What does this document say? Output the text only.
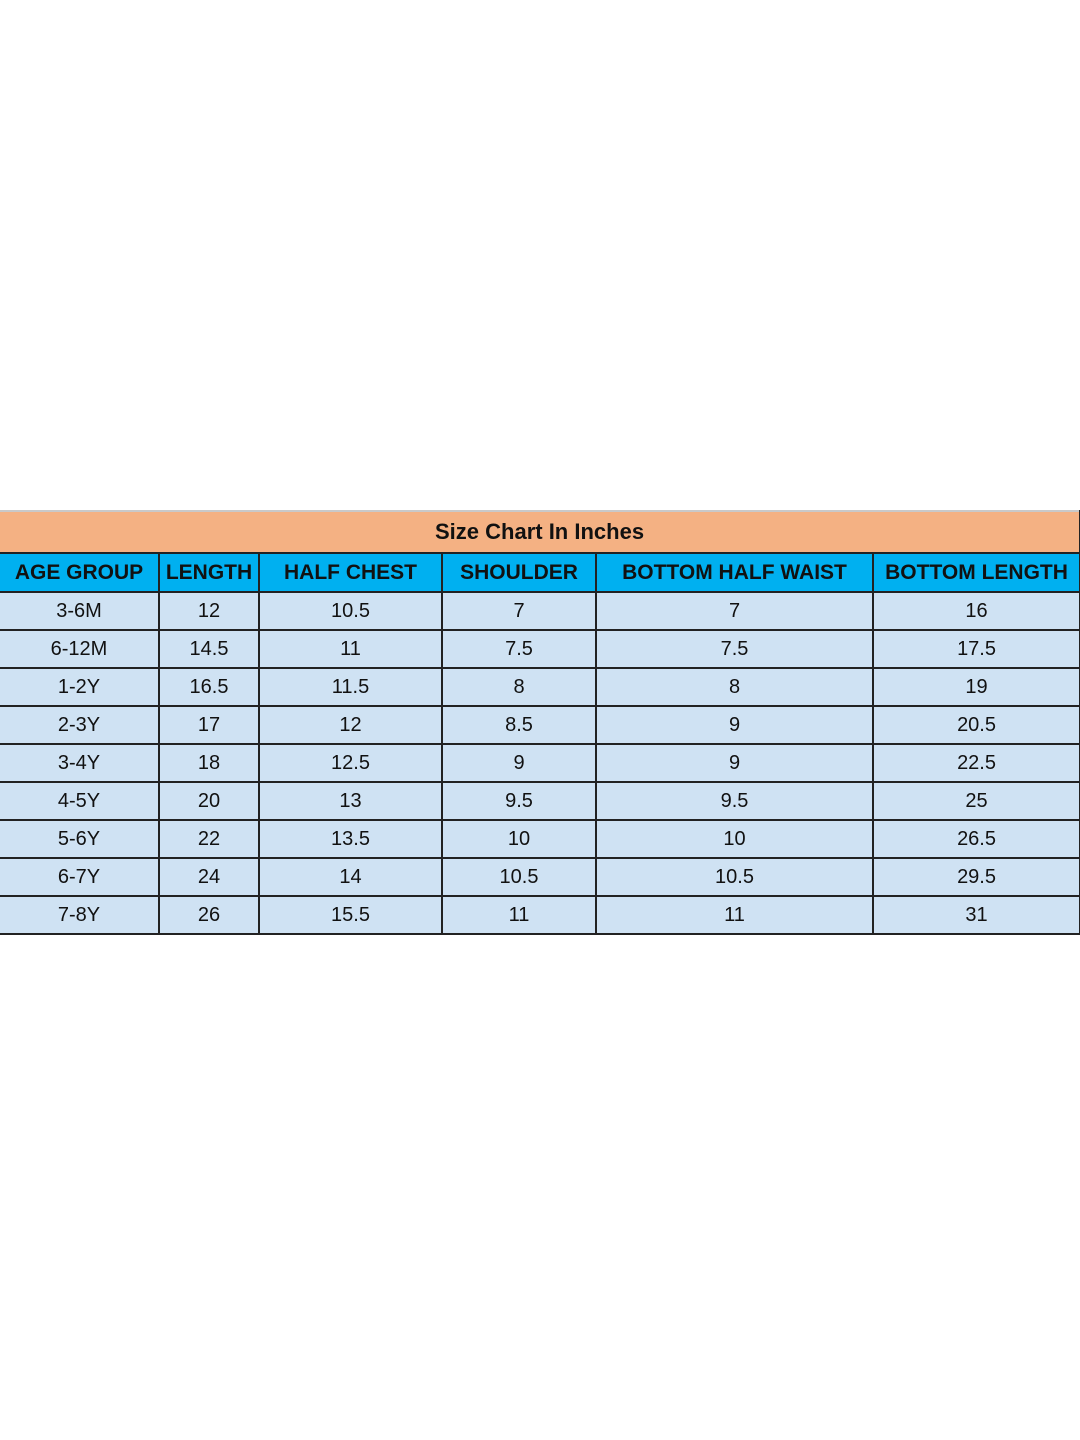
Size Chart In Inches					
AGE GROUP	LENGTH	HALF CHEST	SHOULDER	BOTTOM HALF WAIST	BOTTOM LENGTH
3-6M	12	10.5	7	7	16
6-12M	14.5	11	7.5	7.5	17.5
1-2Y	16.5	11.5	8	8	19
2-3Y	17	12	8.5	9	20.5
3-4Y	18	12.5	9	9	22.5
4-5Y	20	13	9.5	9.5	25
5-6Y	22	13.5	10	10	26.5
6-7Y	24	14	10.5	10.5	29.5
7-8Y	26	15.5	11	11	31
